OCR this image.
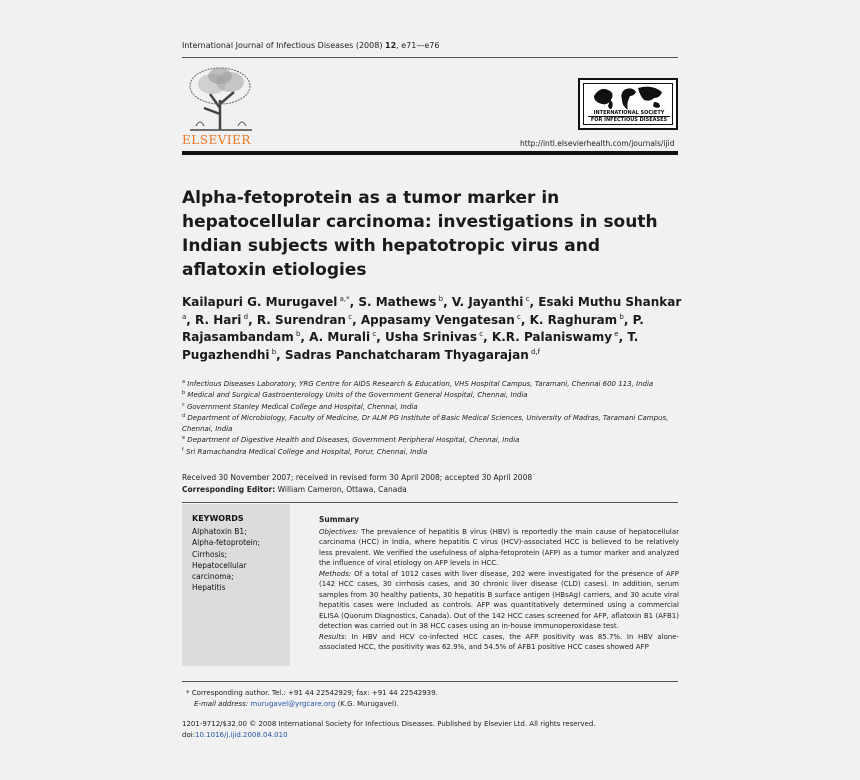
International Journal of Infectious Diseases (2008) 12, e71—e76
ELSEVIER
INTERNATIONAL SOCIETY
FOR INFECTIOUS DISEASES
http://intl.elsevierhealth.com/journals/ijid
Alpha-fetoprotein as a tumor marker in hepatocellular carcinoma: investigations in south Indian subjects with hepatotropic virus and aflatoxin etiologies
Kailapuri G. Murugavel $^{a,*}$, S. Mathews $^b$, V. Jayanthi $^c$, Esaki Muthu Shankar $^a$, R. Hari $^d$, R. Surendran $^c$, Appasamy Vengatesan $^c$, K. Raghuram $^b$, P. Rajasambandam $^b$, A. Murali $^c$, Usha Srinivas $^c$, K.R. Palaniswamy $^e$, T. Pugazhendhi $^b$, Sadras Panchatcharam Thyagarajan $^{d,f}$
$^a$ Infectious Diseases Laboratory, YRG Centre for AIDS Research & Education, VHS Hospital Campus, Taramani, Chennai 600 113, India
$^b$ Medical and Surgical Gastroenterology Units of the Government General Hospital, Chennai, India
$^c$ Government Stanley Medical College and Hospital, Chennai, India
$^d$ Department of Microbiology, Faculty of Medicine, Dr ALM PG Institute of Basic Medical Sciences, University of Madras, Taramani Campus, Chennai, India
$^e$ Department of Digestive Health and Diseases, Government Peripheral Hospital, Chennai, India
$^f$ Sri Ramachandra Medical College and Hospital, Porur, Chennai, India
Received 30 November 2007; received in revised form 30 April 2008; accepted 30 April 2008
Corresponding Editor: William Cameron, Ottawa, Canada
KEYWORDS
Alphatoxin B1;
Alpha-fetoprotein;
Cirrhosis;
Hepatocellular
carcinoma;
Hepatitis
Summary
Objectives: The prevalence of hepatitis B virus (HBV) is reportedly the main cause of hepatocellular carcinoma (HCC) in India, where hepatitis C virus (HCV)-associated HCC is believed to be relatively less prevalent. We verified the usefulness of alpha-fetoprotein (AFP) as a tumor marker and analyzed the influence of viral etiology on AFP levels in HCC.
Methods: Of a total of 1012 cases with liver disease, 202 were investigated for the presence of AFP (142 HCC cases, 30 cirrhosis cases, and 30 chronic liver disease (CLD) cases). In addition, serum samples from 30 healthy patients, 30 hepatitis B surface antigen (HBsAg) carriers, and 30 acute viral hepatitis cases were included as controls. AFP was quantitatively determined using a commercial ELISA (Quorum Diagnostics, Canada). Out of the 142 HCC cases screened for AFP, aflatoxin B1 (AFB1) detection was carried out in 38 HCC cases using an in-house immunoperoxidase test.
Results: In HBV and HCV co-infected HCC cases, the AFP positivity was 85.7%. In HBV alone-associated HCC, the positivity was 62.9%, and 54.5% of AFB1 positive HCC cases showed AFP
* Corresponding author. Tel.: +91 44 22542929; fax: +91 44 22542939.
E-mail address: murugavel@yrgcare.org (K.G. Murugavel).
1201-9712/$32.00 © 2008 International Society for Infectious Diseases. Published by Elsevier Ltd. All rights reserved.
doi:10.1016/j.ijid.2008.04.010
